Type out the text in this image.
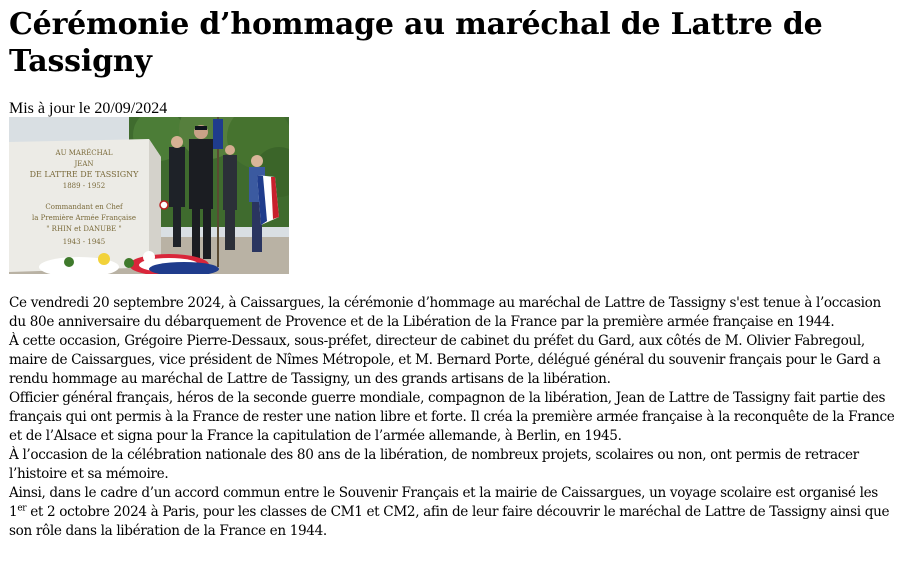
Cérémonie d’hommage au maréchal de Lattre de Tassigny
Mis à jour le 20/09/2024
AU MARÉCHAL
JEAN
DE LATTRE DE TASSIGNY
1889 - 1952
Commandant en Chef
la Première Armée Française
" RHIN et DANUBE "
1943 - 1945

Ce vendredi 20 septembre 2024, à Caissargues, la cérémonie d’hommage au maréchal de Lattre de Tassigny s'est tenue à l’occasion du 80e anniversaire du débarquement de Provence et de la Libération de la France par la première armée française en 1944.

À cette occasion, Grégoire Pierre-Dessaux, sous-préfet, directeur de cabinet du préfet du Gard, aux côtés de M. Olivier Fabregoul, maire de Caissargues, vice président de Nîmes Métropole, et M. Bernard Porte, délégué général du souvenir français pour le Gard a rendu hommage au maréchal de Lattre de Tassigny, un des grands artisans de la libération.

Officier général français, héros de la seconde guerre mondiale, compagnon de la libération, Jean de Lattre de Tassigny fait partie des français qui ont permis à la France de rester une nation libre et forte. Il créa la première armée française à la reconquête de la France et de l’Alsace et signa pour la France la capitulation de l’armée allemande, à Berlin, en 1945.

À l’occasion de la célébration nationale des 80 ans de la libération, de nombreux projets, scolaires ou non, ont permis de retracer l’histoire et sa mémoire.

Ainsi, dans le cadre d’un accord commun entre le Souvenir Français et la mairie de Caissargues, un voyage scolaire est organisé les 1er et 2 octobre 2024 à Paris, pour les classes de CM1 et CM2, afin de leur faire découvrir le maréchal de Lattre de Tassigny ainsi que son rôle dans la libération de la France en 1944.
